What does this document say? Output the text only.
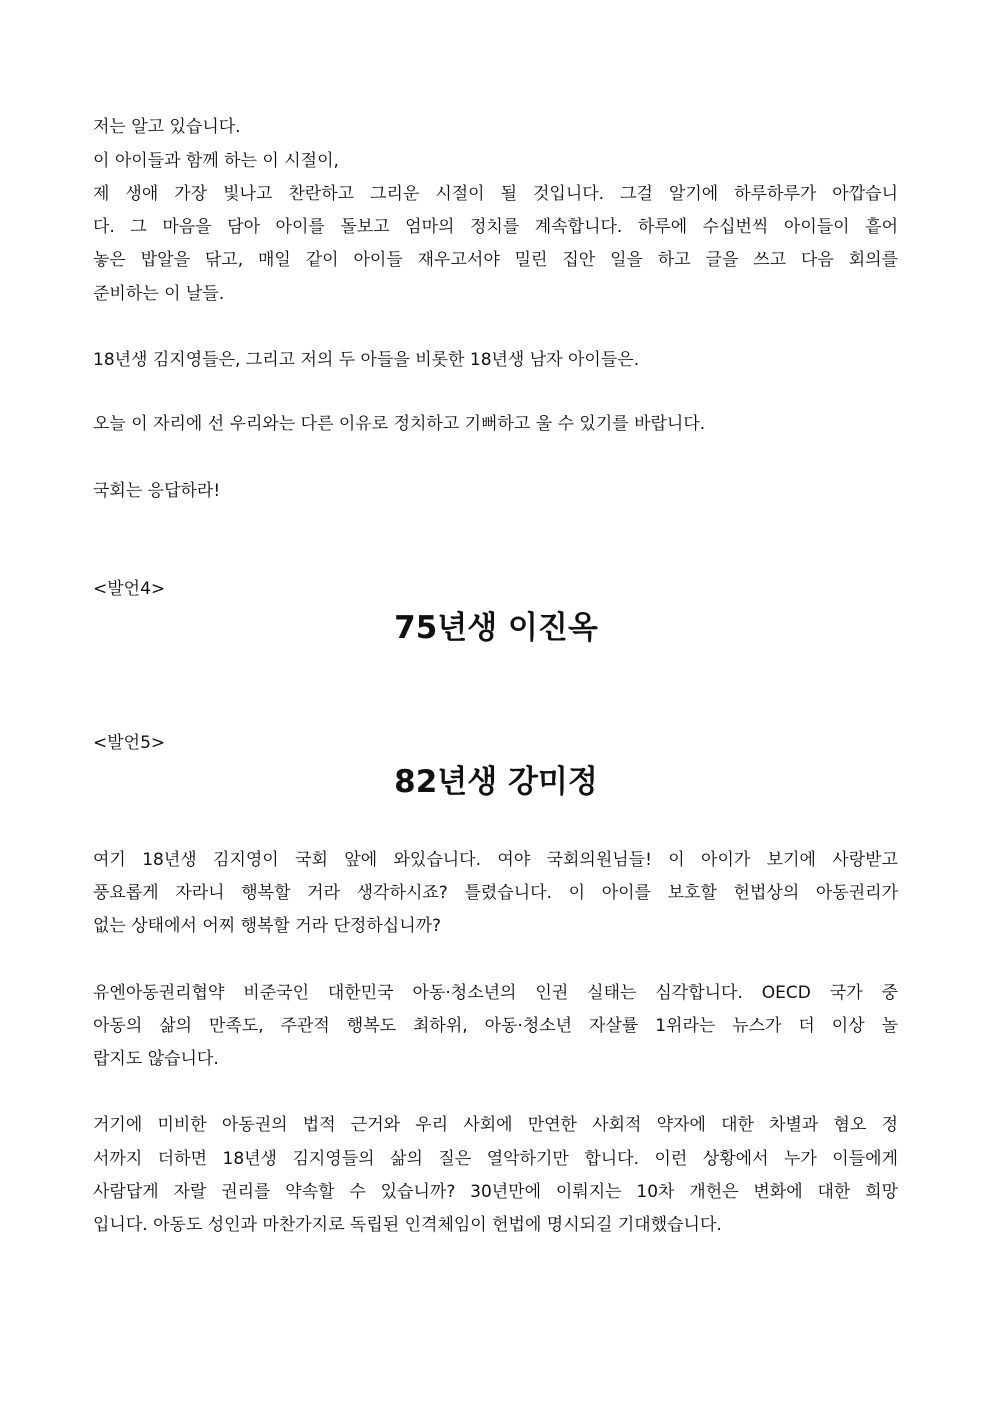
저는 알고 있습니다.

이 아이들과 함께 하는 이 시절이,

제 생애 가장 빛나고 찬란하고 그리운 시절이 될 것입니다. 그걸 알기에 하루하루가 아깝습니

다. 그 마음을 담아 아이를 돌보고 엄마의 정치를 계속합니다. 하루에 수십번씩 아이들이 흩어

놓은 밥알을 닦고, 매일 같이 아이들 재우고서야 밀린 집안 일을 하고 글을 쓰고 다음 회의를

준비하는 이 날들.

18년생 김지영들은, 그리고 저의 두 아들을 비롯한 18년생 남자 아이들은.

오늘 이 자리에 선 우리와는 다른 이유로 정치하고 기뻐하고 울 수 있기를 바랍니다.

국회는 응답하라!

<발언4>

75년생 이진옥

<발언5>

82년생 강미정

여기 18년생 김지영이 국회 앞에 와있습니다. 여야 국회의원님들! 이 아이가 보기에 사랑받고

풍요롭게 자라니 행복할 거라 생각하시죠? 틀렸습니다. 이 아이를 보호할 헌법상의 아동권리가

없는 상태에서 어찌 행복할 거라 단정하십니까?

유엔아동권리협약 비준국인 대한민국 아동·청소년의 인권 실태는 심각합니다. OECD 국가 중

아동의 삶의 만족도, 주관적 행복도 최하위, 아동·청소년 자살률 1위라는 뉴스가 더 이상 놀

랍지도 않습니다.

거기에 미비한 아동권의 법적 근거와 우리 사회에 만연한 사회적 약자에 대한 차별과 혐오 정

서까지 더하면 18년생 김지영들의 삶의 질은 열악하기만 합니다. 이런 상황에서 누가 이들에게

사람답게 자랄 권리를 약속할 수 있습니까? 30년만에 이뤄지는 10차 개헌은 변화에 대한 희망

입니다. 아동도 성인과 마찬가지로 독립된 인격체임이 헌법에 명시되길 기대했습니다.
